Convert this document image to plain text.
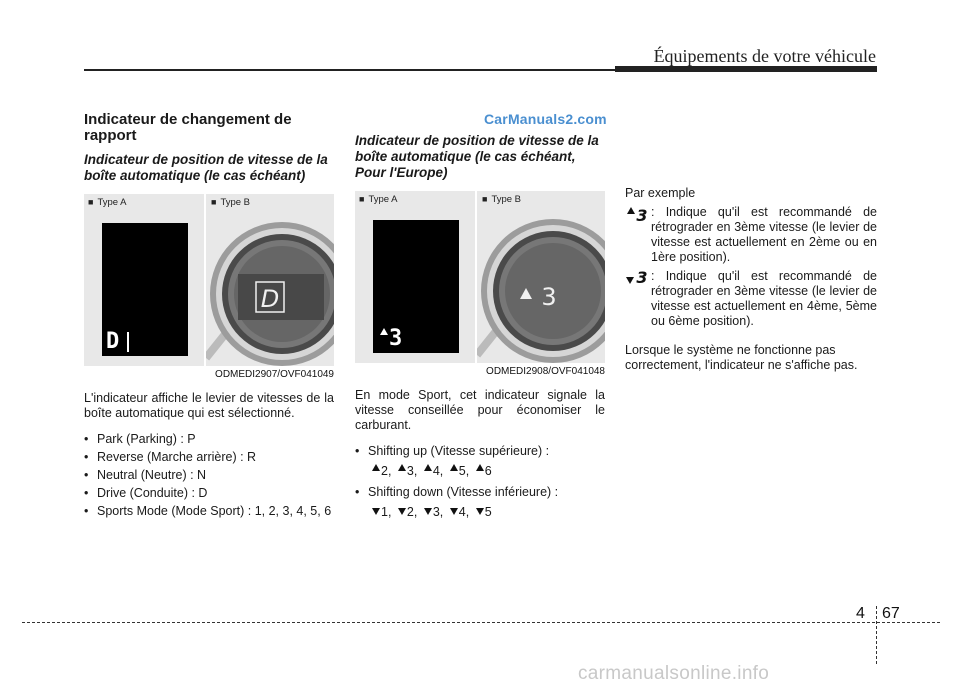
Équipements de votre véhicule
CarManuals2.com
Indicateur de changement de rapport
Indicateur de position de vitesse de la boîte automatique (le cas échéant)
■ Type A
D
■ Type B
D
ODMEDI2907/OVF041049
L'indicateur affiche le levier de vitesses de la boîte automatique qui est sélectionné.
• Park (Parking) : P
• Reverse (Marche arrière) : R
• Neutral (Neutre) : N
• Drive (Conduite) : D
• Sports Mode (Mode Sport) : 1, 2, 3, 4, 5, 6
Indicateur de position de vitesse de la boîte automatique (le cas échéant, Pour l'Europe)
■ Type A
3
■ Type B
3
ODMEDI2908/OVF041048
En mode Sport, cet indicateur signale la vitesse conseillée pour économiser le carburant.
• Shifting up (Vitesse supérieure) :
2, 3, 4, 5, 6
• Shifting down (Vitesse inférieure) :
1, 2, 3, 4, 5
Par exemple
3 : Indique qu'il est recommandé de rétrograder en 3ème vitesse (le levier de vitesse est actuellement en 2ème ou en 1ère position).
3 : Indique qu'il est recommandé de rétrograder en 3ème vitesse (le levier de vitesse est actuellement en 4ème, 5ème ou 6ème position).
Lorsque le système ne fonctionne pas correctement, l'indicateur ne s'affiche pas.
4 67
carmanualsonline.info
